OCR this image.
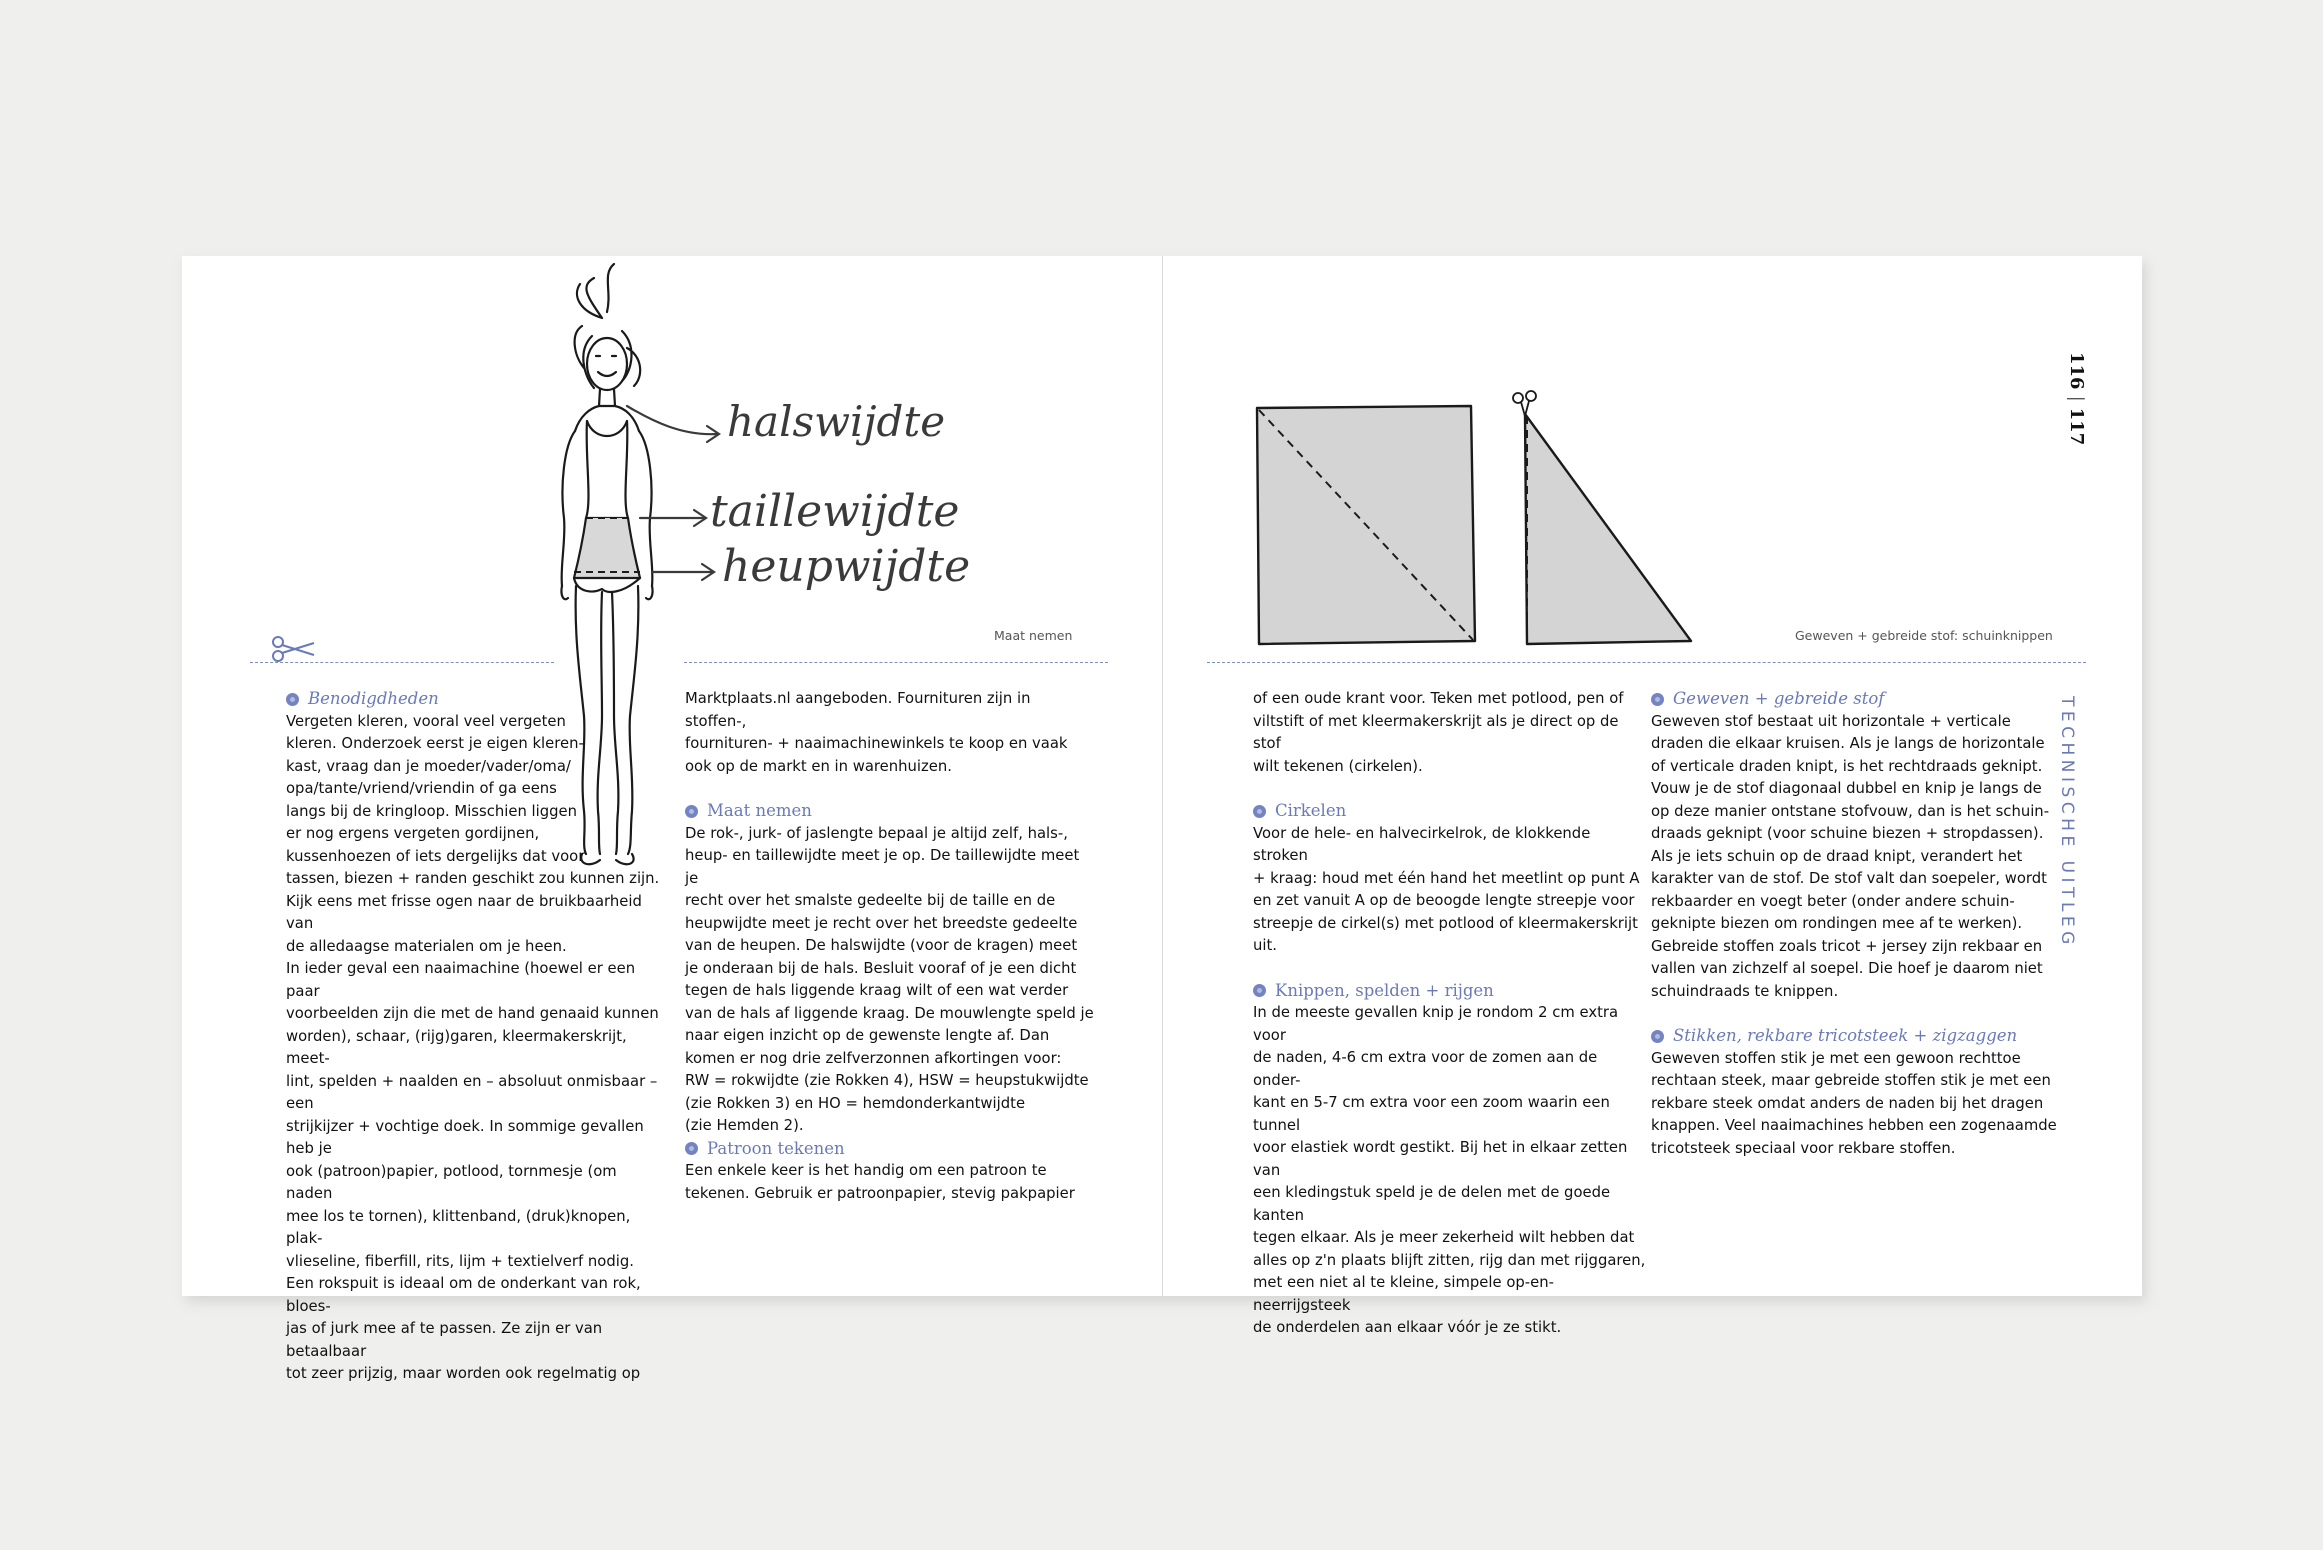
halswijdte
taillewijdte
heupwijdte
Maat nemen
Benodigdheden

Vergeten kleren, vooral veel vergeten

kleren. Onderzoek eerst je eigen kleren-

kast, vraag dan je moeder/vader/oma/

opa/tante/vriend/vriendin of ga eens

langs bij de kringloop. Misschien liggen

er nog ergens vergeten gordijnen,

kussenhoezen of iets dergelijks dat voor

tassen, biezen + randen geschikt zou kunnen zijn.

Kijk eens met frisse ogen naar de bruikbaarheid van

de alledaagse materialen om je heen.

In ieder geval een naaimachine (hoewel er een paar

voorbeelden zijn die met de hand genaaid kunnen

worden), schaar, (rijg)garen, kleermakerskrijt, meet-

lint, spelden + naalden en – absoluut onmisbaar – een

strijkijzer + vochtige doek. In sommige gevallen heb je

ook (patroon)papier, potlood, tornmesje (om naden

mee los te tornen), klittenband, (druk)knopen, plak-

vlieseline, fiberfill, rits, lijm + textielverf nodig.

Een rokspuit is ideaal om de onderkant van rok, bloes-

jas of jurk mee af te passen. Ze zijn er van betaalbaar

tot zeer prijzig, maar worden ook regelmatig op

Marktplaats.nl aangeboden. Fournituren zijn in stoffen-,

fournituren- + naaimachinewinkels te koop en vaak

ook op de markt en in warenhuizen.

Maat nemen

De rok-, jurk- of jaslengte bepaal je altijd zelf, hals-,

heup- en taillewijdte meet je op. De taillewijdte meet je

recht over het smalste gedeelte bij de taille en de

heupwijdte meet je recht over het breedste gedeelte

van de heupen. De halswijdte (voor de kragen) meet

je onderaan bij de hals. Besluit vooraf of je een dicht

tegen de hals liggende kraag wilt of een wat verder

van de hals af liggende kraag. De mouwlengte speld je

naar eigen inzicht op de gewenste lengte af. Dan

komen er nog drie zelfverzonnen afkortingen voor:

RW = rokwijdte (zie Rokken 4), HSW = heupstukwijdte

(zie Rokken 3) en HO = hemdonderkantwijdte

(zie Hemden 2).

Patroon tekenen

Een enkele keer is het handig om een patroon te

tekenen. Gebruik er patroonpapier, stevig pakpapier

116|117
Geweven + gebreide stof: schuinknippen
TECHNISCHE UITLEG

of een oude krant voor. Teken met potlood, pen of

viltstift of met kleermakerskrijt als je direct op de stof

wilt tekenen (cirkelen).

Cirkelen

Voor de hele- en halvecirkelrok, de klokkende stroken

+ kraag: houd met één hand het meetlint op punt A

en zet vanuit A op de beoogde lengte streepje voor

streepje de cirkel(s) met potlood of kleermakerskrijt

uit.

Knippen, spelden + rijgen

In de meeste gevallen knip je rondom 2 cm extra voor

de naden, 4-6 cm extra voor de zomen aan de onder-

kant en 5-7 cm extra voor een zoom waarin een tunnel

voor elastiek wordt gestikt. Bij het in elkaar zetten van

een kledingstuk speld je de delen met de goede kanten

tegen elkaar. Als je meer zekerheid wilt hebben dat

alles op z'n plaats blijft zitten, rijg dan met rijggaren,

met een niet al te kleine, simpele op-en-neerrijgsteek

de onderdelen aan elkaar vóór je ze stikt.

Geweven + gebreide stof

Geweven stof bestaat uit horizontale + verticale

draden die elkaar kruisen. Als je langs de horizontale

of verticale draden knipt, is het rechtdraads geknipt.

Vouw je de stof diagonaal dubbel en knip je langs de

op deze manier ontstane stofvouw, dan is het schuin-

draads geknipt (voor schuine biezen + stropdassen).

Als je iets schuin op de draad knipt, verandert het

karakter van de stof. De stof valt dan soepeler, wordt

rekbaarder en voegt beter (onder andere schuin-

geknipte biezen om rondingen mee af te werken).

Gebreide stoffen zoals tricot + jersey zijn rekbaar en

vallen van zichzelf al soepel. Die hoef je daarom niet

schuindraads te knippen.

Stikken, rekbare tricotsteek + zigzaggen

Geweven stoffen stik je met een gewoon rechttoe

rechtaan steek, maar gebreide stoffen stik je met een

rekbare steek omdat anders de naden bij het dragen

knappen. Veel naaimachines hebben een zogenaamde

tricotsteek speciaal voor rekbare stoffen.
